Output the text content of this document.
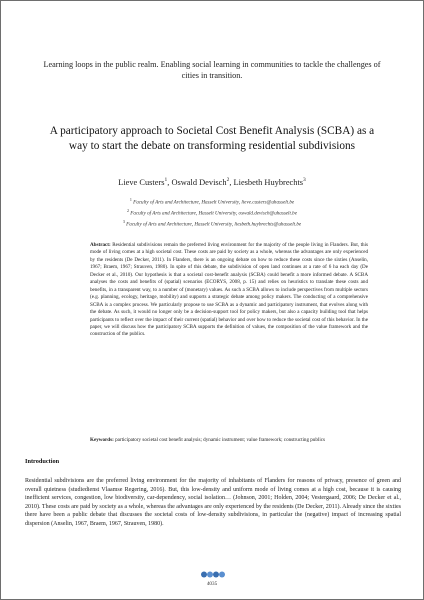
Learning loops in the public realm. Enabling social learning in communities to tackle the challenges of cities in transition.
A participatory approach to Societal Cost Benefit Analysis (SCBA) as a way to start the debate on transforming residential subdivisions
Lieve Custers$^1$, Oswald Devisch$^2$, Liesbeth Huybrechts$^3$
$^1$ Faculty of Arts and Architecture, Hasselt University, lieve.custers@uhasselt.be
$^2$ Faculty of Arts and Architecture, Hasselt University, oswald.devisch@uhasselt.be
$^3$ Faculty of Arts and Architecture, Hasselt University, liesbeth.huybrechts@uhasselt.be
Abstract: Residential subdivisions remain the preferred living environment for the majority of the people living in Flanders. But, this mode of living comes at a high societal cost. These costs are paid by society as a whole, whereas the advantages are only experienced by the residents (De Decker, 2011). In Flanders, there is an ongoing debate on how to reduce these costs since the sixties (Anselin, 1967; Braem, 1967; Strauven, 1980). In spite of this debate, the subdivision of open land continues at a rate of 6 ha each day (De Decker et al., 2010). Our hypothesis is that a societal cost-benefit analysis (SCBA) could benefit a more informed debate. A SCBA analyses the costs and benefits of (spatial) scenarios (ECORYS, 2008, p. 15) and relies on heuristics to translate these costs and benefits, in a transparent way, to a number of (monetary) values. As such a SCBA allows to include perspectives from multiple sectors (e.g. planning, ecology, heritage, mobility) and supports a strategic debate among policy makers. The conducting of a comprehensive SCBA is a complex process. We particularly propose to use SCBA as a dynamic and participatory instrument, that evolves along with the debate. As such, it would no longer only be a decision-support tool for policy makers, but also a capacity building tool that helps participants to reflect over the impact of their current (spatial) behavior and over how to reduce the societal cost of this behavior. In the paper, we will discuss how the participatory SCBA supports the definition of values, the composition of the value framework and the construction of the publics.
Keywords: participatory societal cost benefit analysis; dynamic instrument; value framework; constructing publics
Introduction
Residential subdivisions are the preferred living environment for the majority of inhabitants of Flanders for reasons of privacy, presence of green and overall quietness (studiedienst Vlaamse Regering, 2016). But, this low-density and uniform mode of living comes at a high cost, because it is causing inefficient services, congestion, low biodiversity, car-dependency, social isolation… (Johnson, 2001; Holden, 2004; Vestergaard, 2006; De Decker et al., 2010). These costs are paid by society as a whole, whereas the advantages are only experienced by the residents (De Decker, 2011). Already since the sixties there have been a public debate that discusses the societal costs of low-density subdivisions, in particular the (negative) impact of increasing spatial dispersion (Anselin, 1967, Braem, 1967, Strauven, 1980).
4035
